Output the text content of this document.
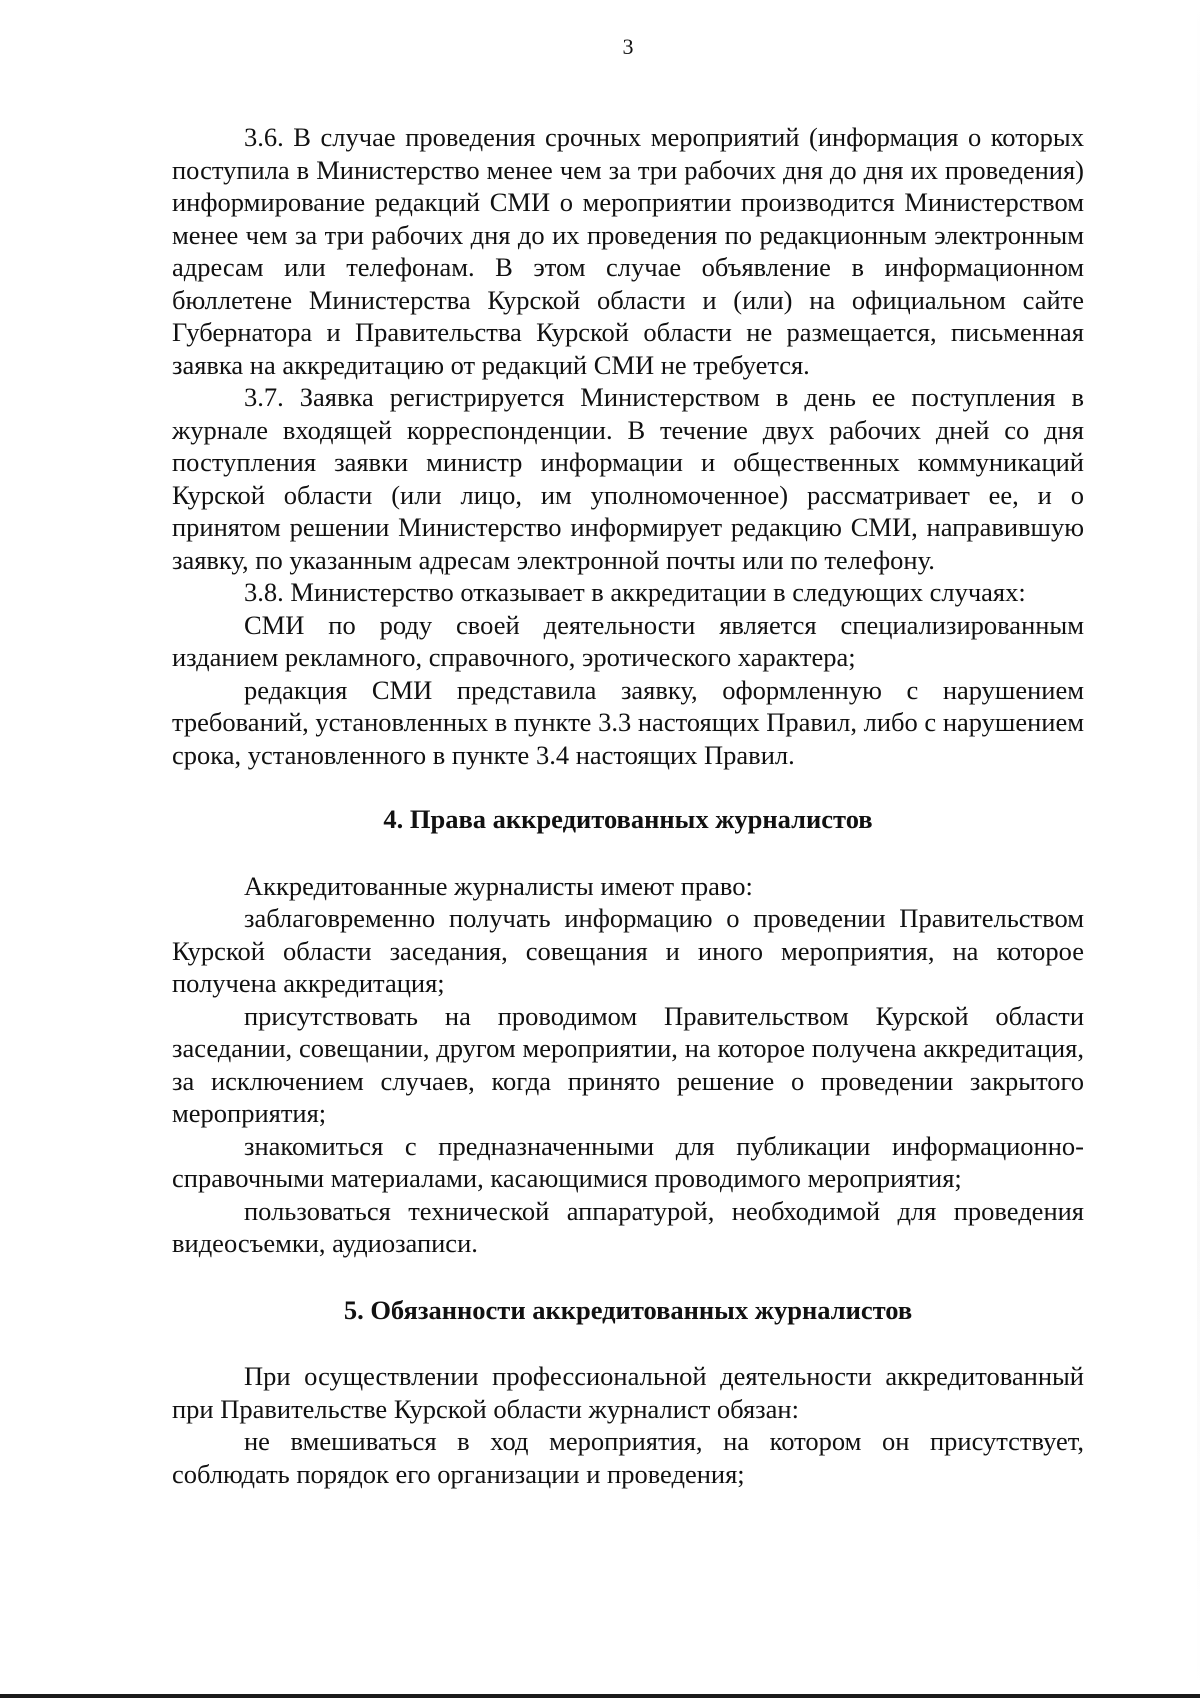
3

3.6. В случае проведения срочных мероприятий (информация о которых поступила в Министерство менее чем за три рабочих дня до дня их проведения) информирование редакций СМИ о мероприятии производится Министерством менее чем за три рабочих дня до их проведения по редакционным электронным адресам или телефонам. В этом случае объявление в информационном бюллетене Министерства Курской области и (или) на официальном сайте Губернатора и Правительства Курской области не размещается, письменная заявка на аккредитацию от редакций СМИ не требуется.

3.7. Заявка регистрируется Министерством в день ее поступления в журнале входящей корреспонденции. В течение двух рабочих дней со дня поступления заявки министр информации и общественных коммуникаций Курской области (или лицо, им уполномоченное) рассматривает ее, и о принятом решении Министерство информирует редакцию СМИ, направившую заявку, по указанным адресам электронной почты или по телефону.

3.8. Министерство отказывает в аккредитации в следующих случаях:

СМИ по роду своей деятельности является специализированным изданием рекламного, справочного, эротического характера;

редакция СМИ представила заявку, оформленную с нарушением требований, установленных в пункте 3.3 настоящих Правил, либо с нарушением срока, установленного в пункте 3.4 настоящих Правил.

4. Права аккредитованных журналистов

Аккредитованные журналисты имеют право:

заблаговременно получать информацию о проведении Правительством Курской области заседания, совещания и иного мероприятия, на которое получена аккредитация;

присутствовать на проводимом Правительством Курской области заседании, совещании, другом мероприятии, на которое получена аккредитация, за исключением случаев, когда принято решение о проведении закрытого мероприятия;

знакомиться с предназначенными для публикации информационно-справочными материалами, касающимися проводимого мероприятия;

пользоваться технической аппаратурой, необходимой для проведения видеосъемки, аудиозаписи.

5. Обязанности аккредитованных журналистов

При осуществлении профессиональной деятельности аккредитованный при Правительстве Курской области журналист обязан:

не вмешиваться в ход мероприятия, на котором он присутствует, соблюдать порядок его организации и проведения;
